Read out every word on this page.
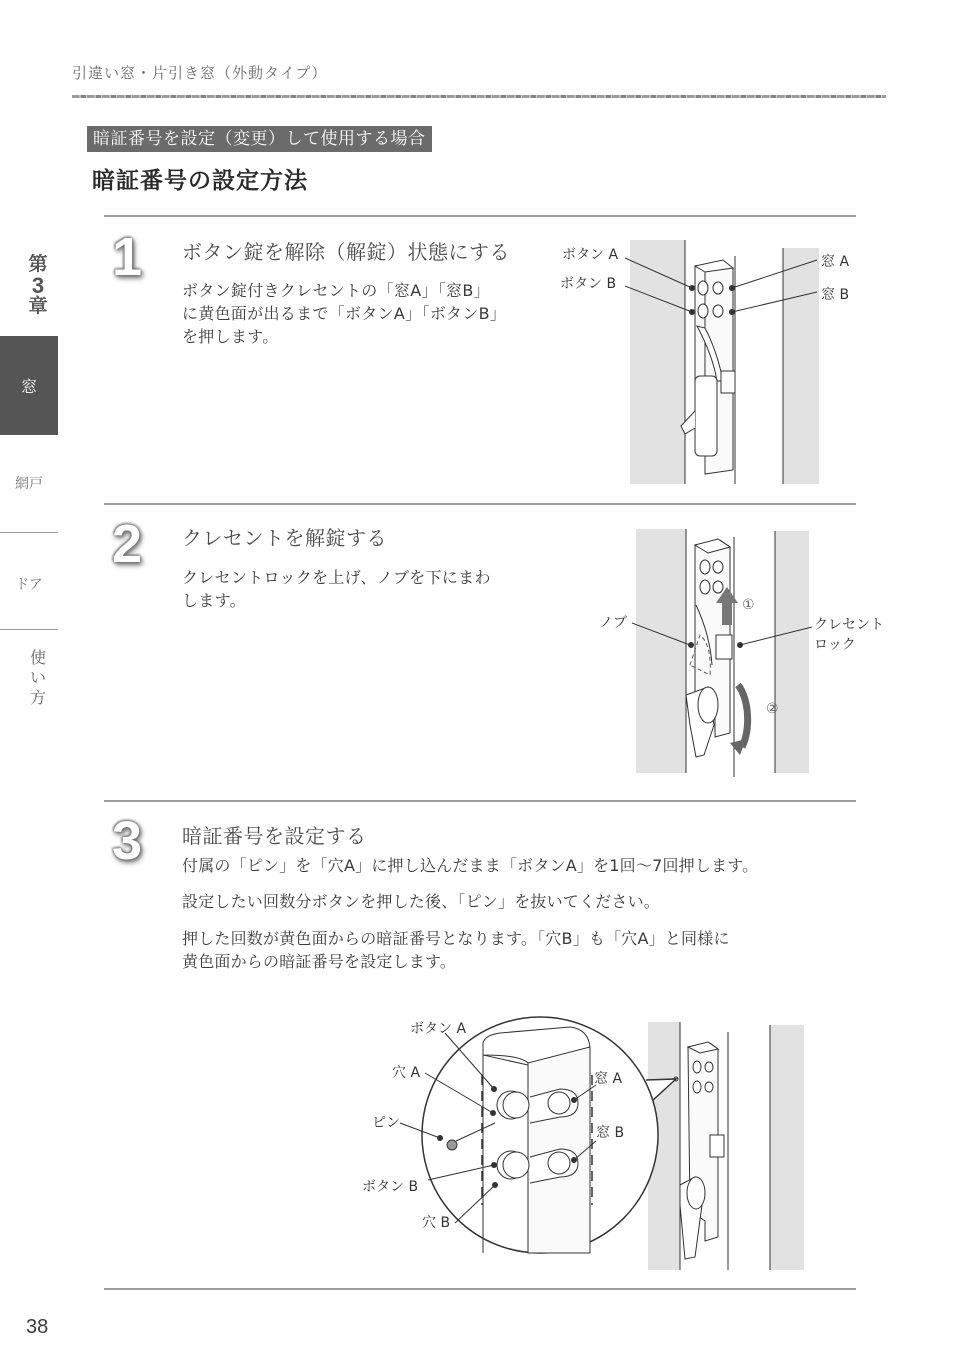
引違い窓・片引き窓（外動タイプ）
暗証番号を設定（変更）して使用する場合
暗証番号の設定方法
第
3
章
窓
網戸
ドア
使
い
方
1 ボタン錠を解除（解錠）状態にする
ボタン錠付きクレセントの「窓A」「窓B」
に黄色面が出るまで「ボタンA」「ボタンB」
を押します。
ボタン A
ボタン B
窓 A
窓 B
2 クレセントを解錠する
クレセントロックを上げ、ノブを下にまわ
します。
ノブ	クレセント
ロック
①
②
3 暗証番号を設定する
付属の「ピン」を「穴A」に押し込んだまま「ボタンA」を1回〜7回押します。
設定したい回数分ボタンを押した後、「ピン」を抜いてください。
押した回数が黄色面からの暗証番号となります。「穴B」も「穴A」と同様に
黄色面からの暗証番号を設定します。
ボタン A
穴 A
ピン
ボタン B
穴 B
窓 A
窓 B
38
